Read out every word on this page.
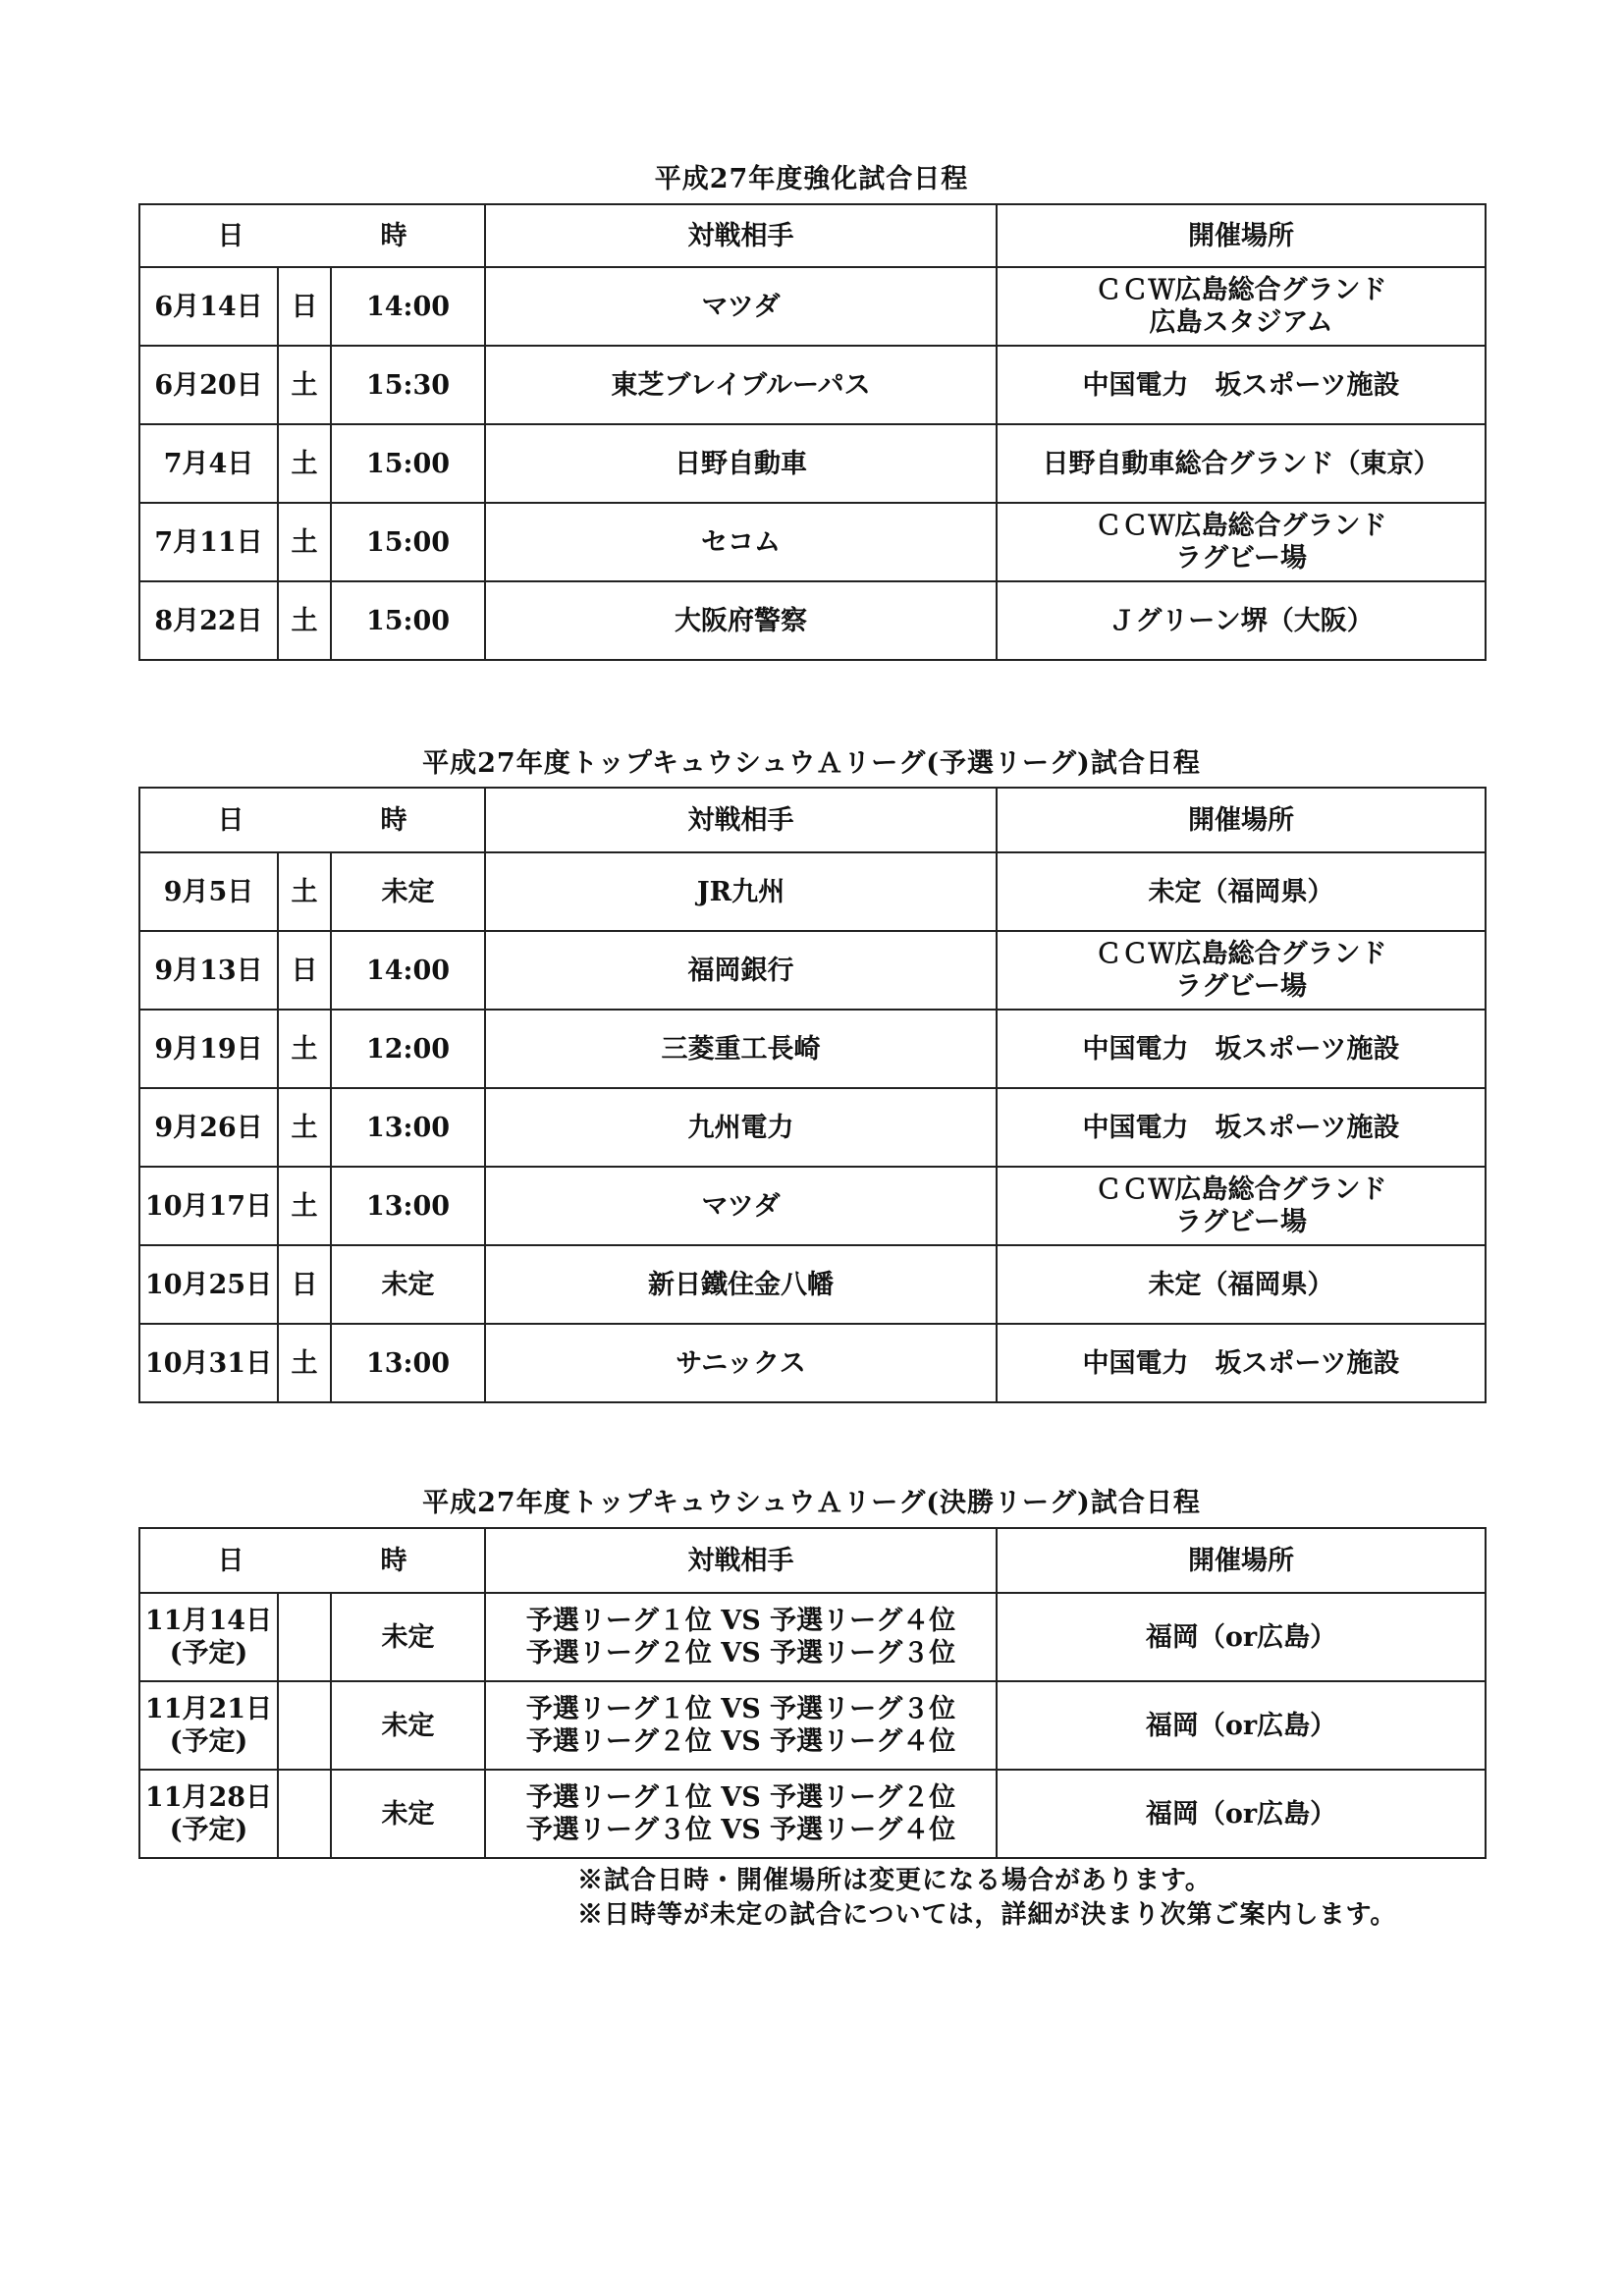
平成27年度強化試合日程
日　時			対戦相手	開催場所
6月14日	日	14:00	マツダ	ＣＣＷ広島総合グランド
広島スタジアム

6月20日	土	15:30	東芝ブレイブルーパス	中国電力　坂スポーツ施設

7月4日	土	15:00	日野自動車	日野自動車総合グランド（東京）

7月11日	土	15:00	セコム	ＣＣＷ広島総合グランド
ラグビー場

8月22日	土	15:00	大阪府警察	Ｊグリーン堺（大阪）
平成27年度トップキュウシュウＡリーグ(予選リーグ)試合日程
日　時			対戦相手	開催場所
9月5日	土	未定	JR九州	未定（福岡県）

9月13日	日	14:00	福岡銀行	ＣＣＷ広島総合グランド
ラグビー場

9月19日	土	12:00	三菱重工長崎	中国電力　坂スポーツ施設

9月26日	土	13:00	九州電力	中国電力　坂スポーツ施設

10月17日	土	13:00	マツダ	ＣＣＷ広島総合グランド
ラグビー場

10月25日	日	未定	新日鐵住金八幡	未定（福岡県）

10月31日	土	13:00	サニックス	中国電力　坂スポーツ施設
平成27年度トップキュウシュウＡリーグ(決勝リーグ)試合日程
日　時			対戦相手	開催場所

11月14日
(予定)		未定	予選リーグ１位 VS 予選リーグ４位
予選リーグ２位 VS 予選リーグ３位	福岡（or広島）

11月21日
(予定)		未定	予選リーグ１位 VS 予選リーグ３位
予選リーグ２位 VS 予選リーグ４位	福岡（or広島）

11月28日
(予定)		未定	予選リーグ１位 VS 予選リーグ２位
予選リーグ３位 VS 予選リーグ４位	福岡（or広島）
※試合日時・開催場所は変更になる場合があります。
※日時等が未定の試合については，詳細が決まり次第ご案内します。
